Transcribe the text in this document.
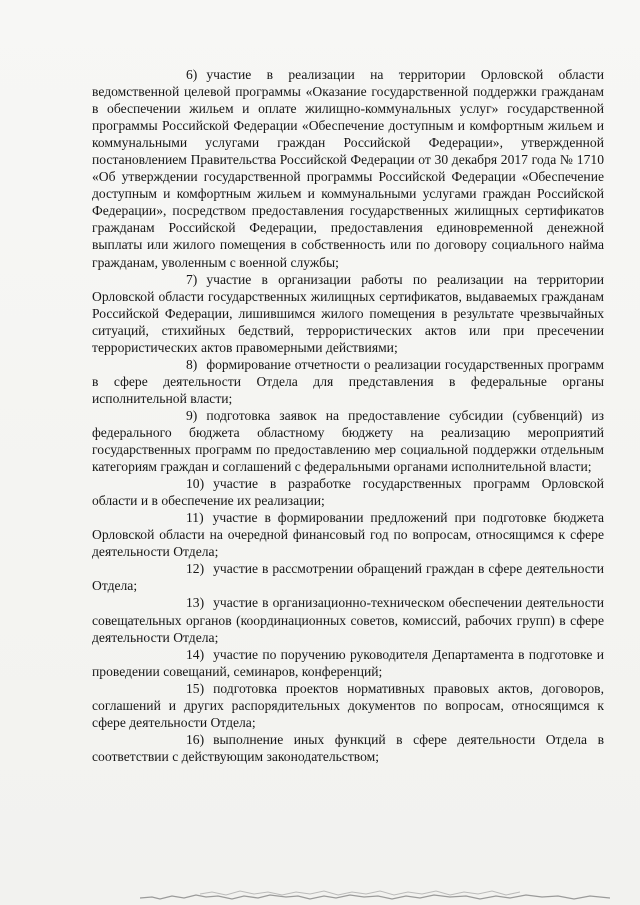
6) участие в реализации на территории Орловской области ведомственной целевой программы «Оказание государственной поддержки гражданам в обеспечении жильем и оплате жилищно-коммунальных услуг» государственной программы Российской Федерации «Обеспечение доступным и комфортным жильем и коммунальными услугами граждан Российской Федерации», утвержденной постановлением Правительства Российской Федерации от 30 декабря 2017 года № 1710 «Об утверждении государственной программы Российской Федерации «Обеспечение доступным и комфортным жильем и коммунальными услугами граждан Российской Федерации», посредством предоставления государственных жилищных сертификатов гражданам Российской Федерации, предоставления единовременной денежной выплаты или жилого помещения в собственность или по договору социального найма гражданам, уволенным с военной службы;

7) участие в организации работы по реализации на территории Орловской области государственных жилищных сертификатов, выдаваемых гражданам Российской Федерации, лишившимся жилого помещения в результате чрезвычайных ситуаций, стихийных бедствий, террористических актов или при пресечении террористических актов правомерными действиями;

8) формирование отчетности о реализации государственных программ в сфере деятельности Отдела для представления в федеральные органы исполнительной власти;

9) подготовка заявок на предоставление субсидии (субвенций) из федерального бюджета областному бюджету на реализацию мероприятий государственных программ по предоставлению мер социальной поддержки отдельным категориям граждан и соглашений с федеральными органами исполнительной власти;

10) участие в разработке государственных программ Орловской области и в обеспечение их реализации;

11) участие в формировании предложений при подготовке бюджета Орловской области на очередной финансовый год по вопросам, относящимся к сфере деятельности Отдела;

12) участие в рассмотрении обращений граждан в сфере деятельности Отдела;

13) участие в организационно-техническом обеспечении деятельности совещательных органов (координационных советов, комиссий, рабочих групп) в сфере деятельности Отдела;

14) участие по поручению руководителя Департамента в подготовке и проведении совещаний, семинаров, конференций;

15) подготовка проектов нормативных правовых актов, договоров, соглашений и других распорядительных документов по вопросам, относящимся к сфере деятельности Отдела;

16) выполнение иных функций в сфере деятельности Отдела в соответствии с действующим законодательством;
